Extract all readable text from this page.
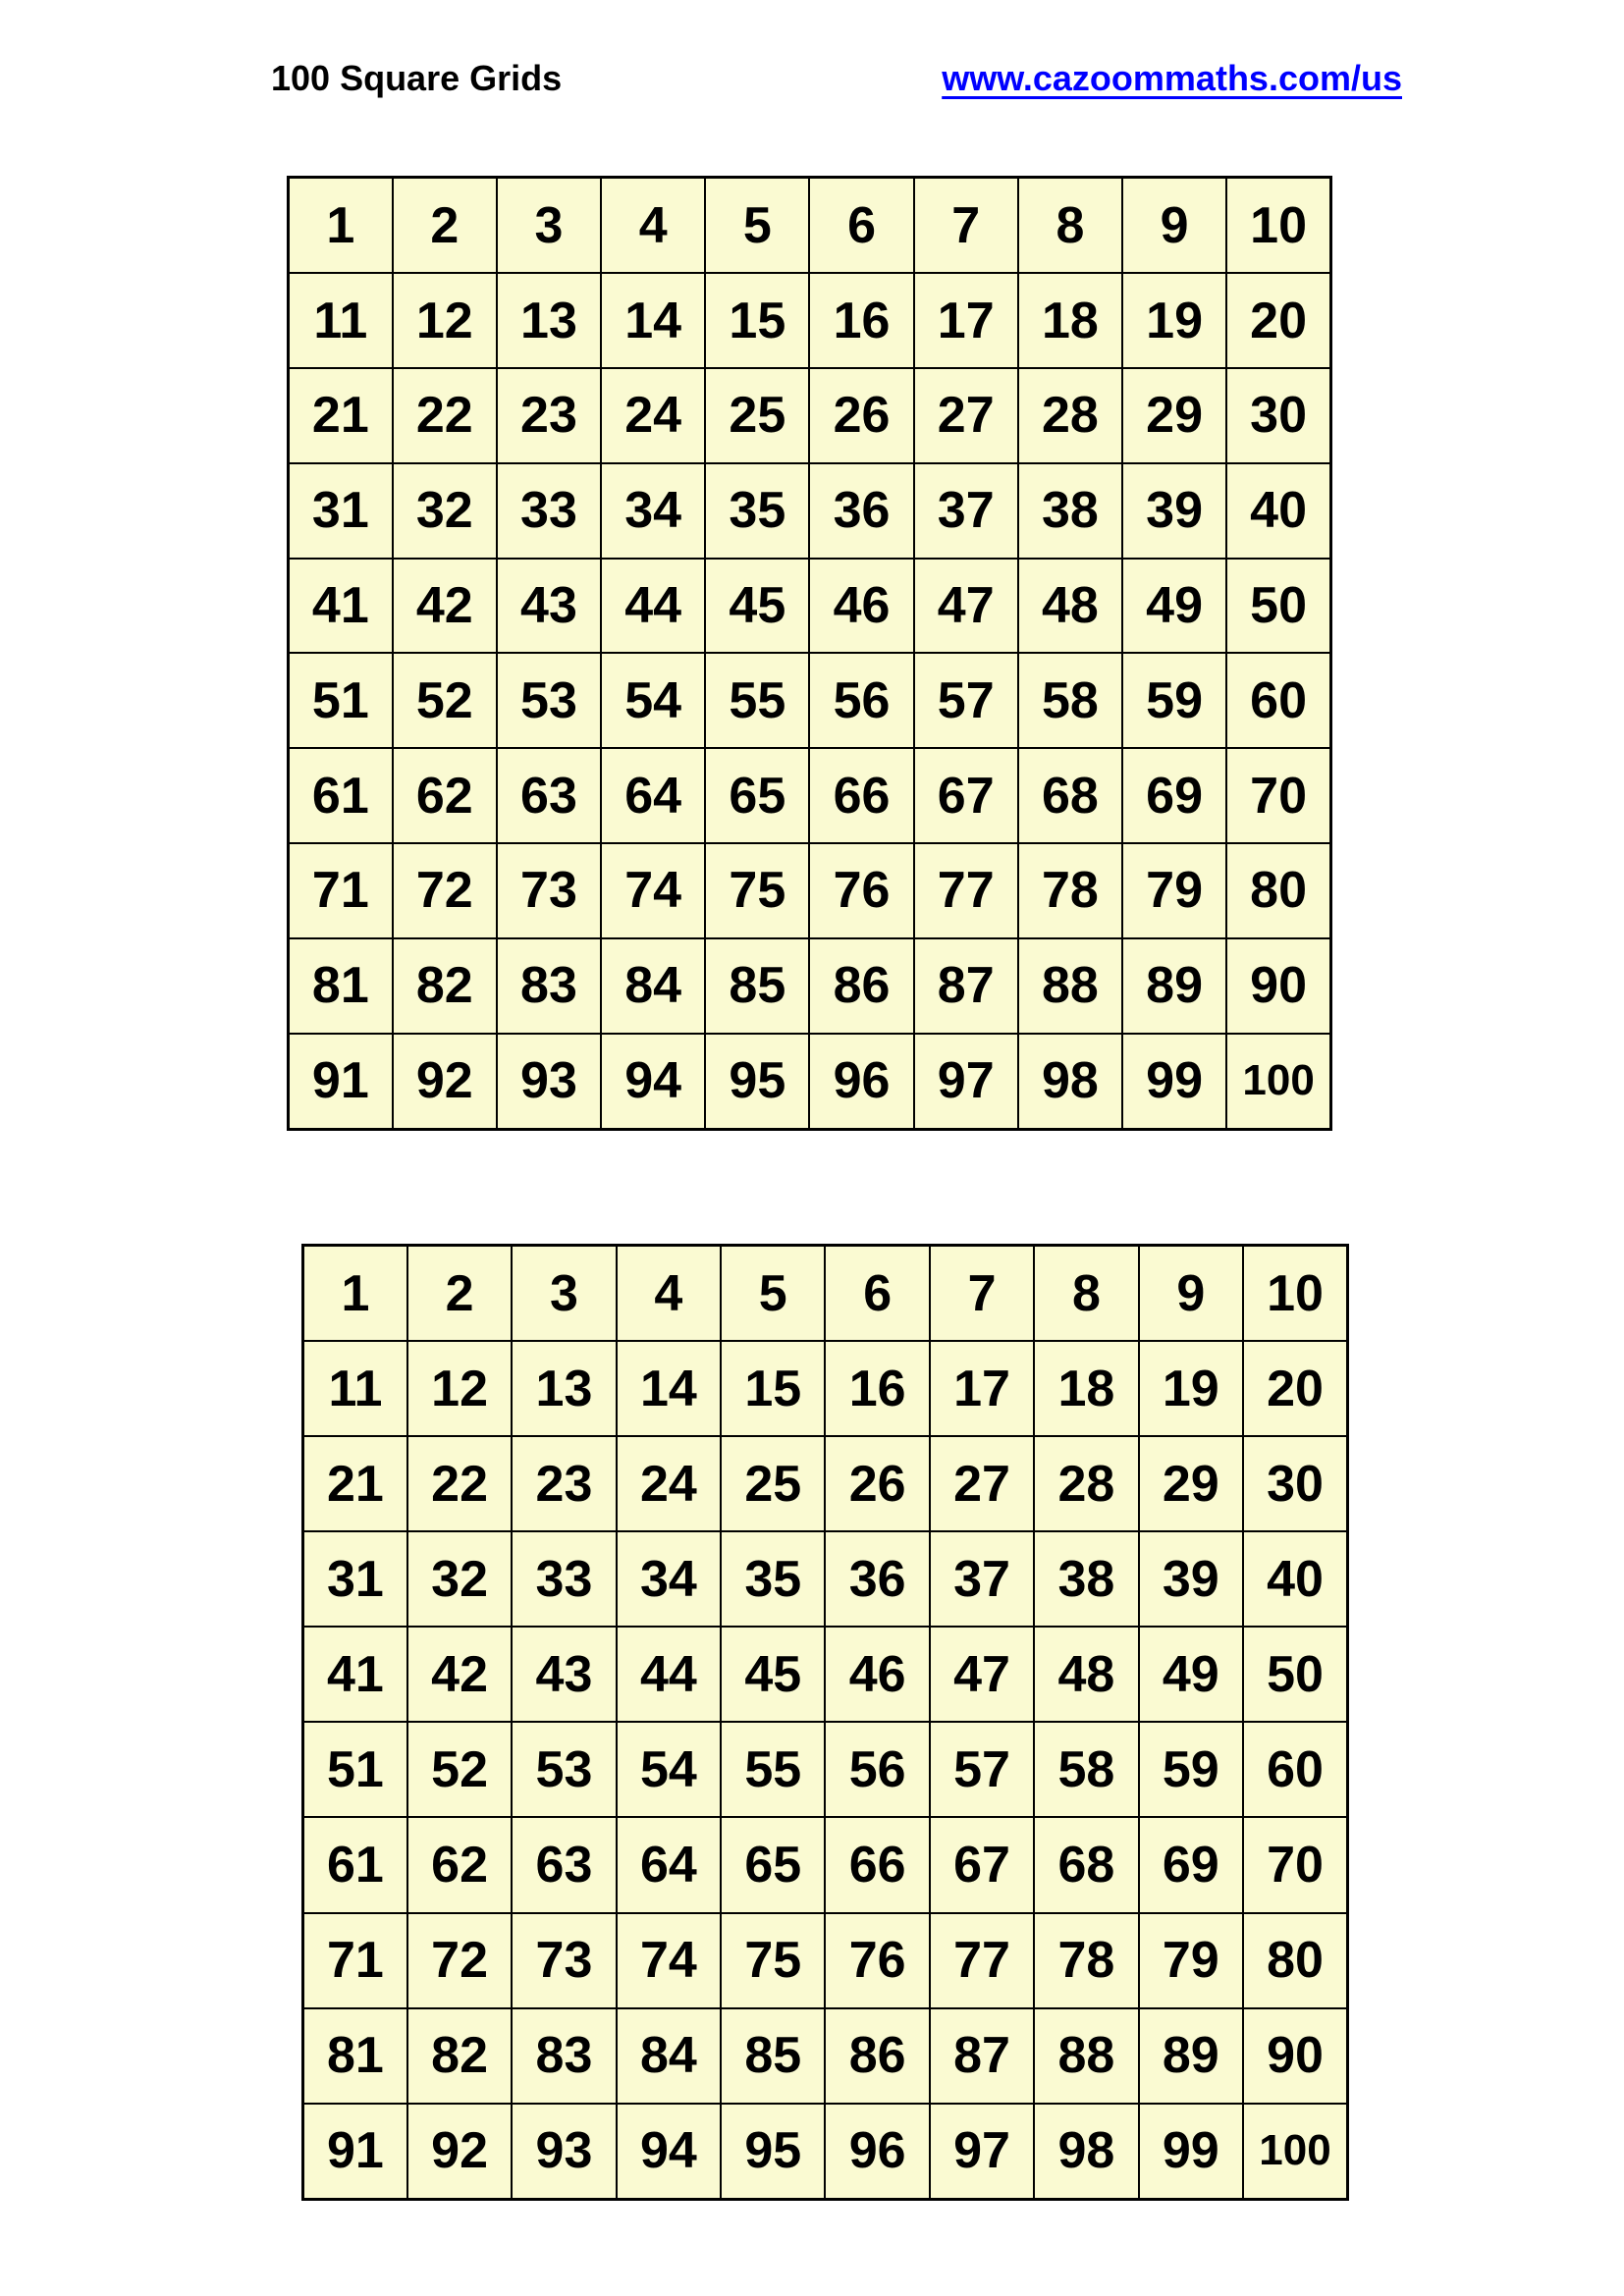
100 Square Grids	www.cazoommaths.com/us
1	2	3	4	5	6	7	8	9	10
11	12	13	14	15	16	17	18	19	20
21	22	23	24	25	26	27	28	29	30
31	32	33	34	35	36	37	38	39	40
41	42	43	44	45	46	47	48	49	50
51	52	53	54	55	56	57	58	59	60
61	62	63	64	65	66	67	68	69	70
71	72	73	74	75	76	77	78	79	80
81	82	83	84	85	86	87	88	89	90
91	92	93	94	95	96	97	98	99	100
1	2	3	4	5	6	7	8	9	10
11	12	13	14	15	16	17	18	19	20
21	22	23	24	25	26	27	28	29	30
31	32	33	34	35	36	37	38	39	40
41	42	43	44	45	46	47	48	49	50
51	52	53	54	55	56	57	58	59	60
61	62	63	64	65	66	67	68	69	70
71	72	73	74	75	76	77	78	79	80
81	82	83	84	85	86	87	88	89	90
91	92	93	94	95	96	97	98	99	100
